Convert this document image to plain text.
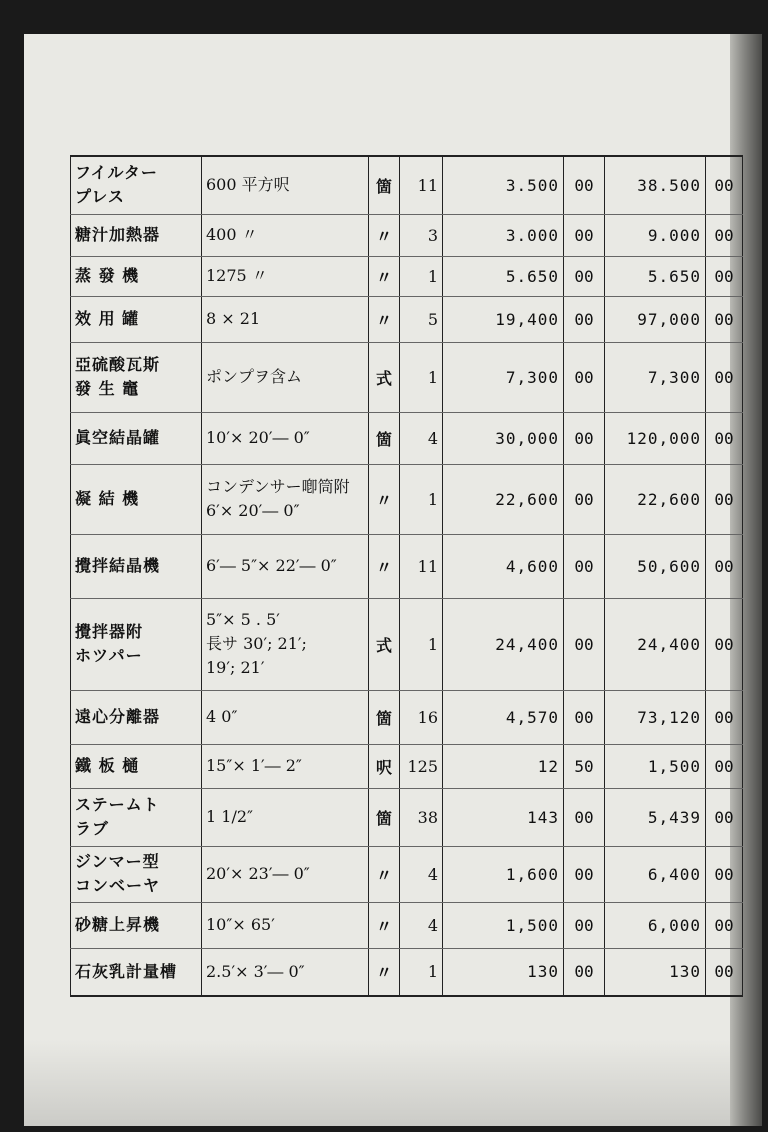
フイルター
プレス	600 平方呎	箇	11	3.500	00	38.500	00

糖汁加熱器	400 〃	〃	3	3.000	00	9.000	00

蒸 發 機	1275 〃	〃	1	5.650	00	5.650	00

效 用 罐	8 × 21	〃	5	19,400	00	97,000	00

亞硫酸瓦斯
發 生 竈	ポンプヲ含ム	式	1	7,300	00	7,300	00

眞空結晶罐	10′× 20′― 0″	箇	4	30,000	00	120,000	00

凝 結 機	コンデンサー喞筒附
6′× 20′― 0″	〃	1	22,600	00	22,600	00

攪拌結晶機	6′― 5″× 22′― 0″	〃	11	4,600	00	50,600	00

攪拌器附
ホツパー	5″× 5 . 5′
長サ 30′; 21′;
19′; 21′	式	1	24,400	00	24,400	00

遠心分離器	4 0″	箇	16	4,570	00	73,120	00

鐵 板 樋	15″× 1′― 2″	呎	125	12	50	1,500	00

ステームト
ラブ	1 1/2″	箇	38	143	00	5,439	00

ジンマー型
コンベーヤ	20′× 23′― 0″	〃	4	1,600	00	6,400	00

砂糖上昇機	10″× 65′	〃	4	1,500	00	6,000	00

石灰乳計量槽	2.5′× 3′― 0″	〃	1	130	00	130	00
